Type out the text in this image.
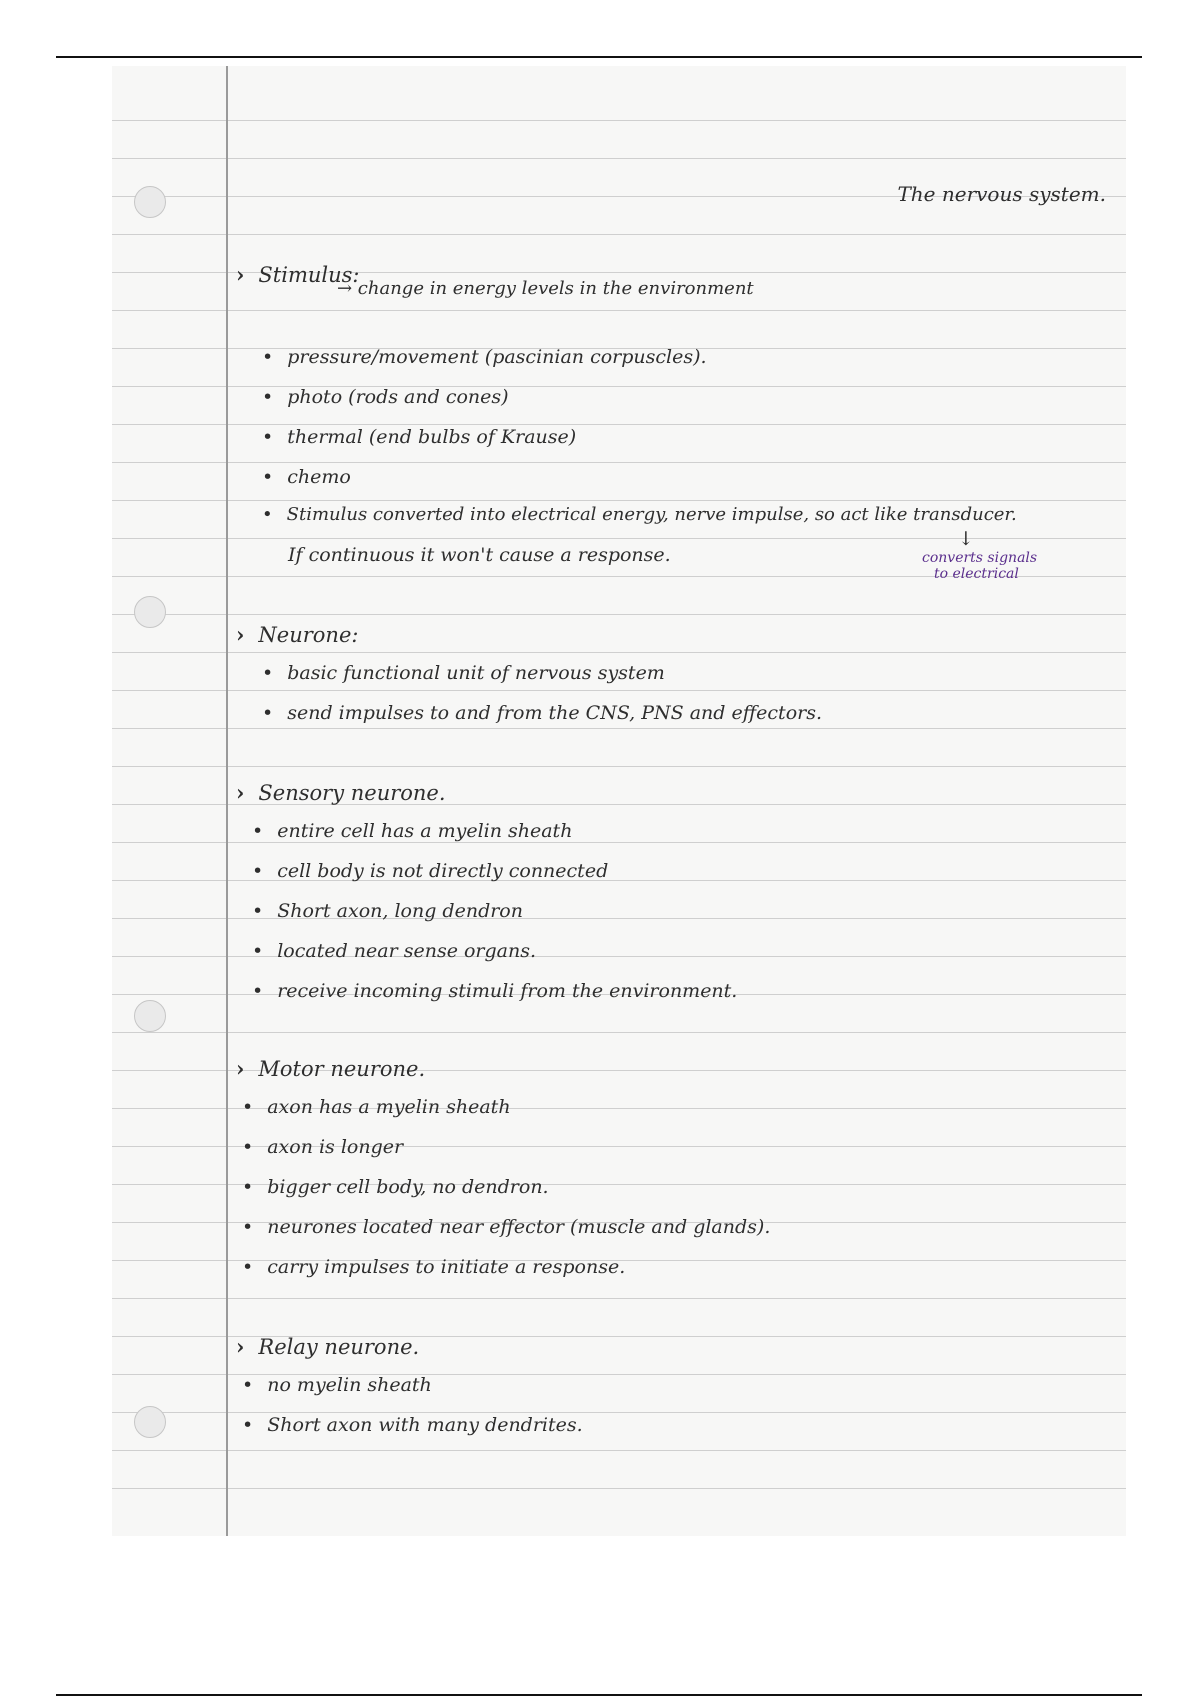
The nervous system.
› Stimulus:
→ change in energy levels in the environment
• pressure/movement (pascinian corpuscles).
• photo (rods and cones)
• thermal (end bulbs of Krause)
• chemo
• Stimulus converted into electrical energy, nerve impulse, so act like transducer.
If continuous it won't cause a response.
↓
converts signals
to electrical
› Neurone:
• basic functional unit of nervous system
• send impulses to and from the CNS, PNS and effectors.
› Sensory neurone.
• entire cell has a myelin sheath
• cell body is not directly connected
• Short axon, long dendron
• located near sense organs.
• receive incoming stimuli from the environment.
› Motor neurone.
• axon has a myelin sheath
• axon is longer
• bigger cell body, no dendron.
• neurones located near effector (muscle and glands).
• carry impulses to initiate a response.
› Relay neurone.
• no myelin sheath
• Short axon with many dendrites.
